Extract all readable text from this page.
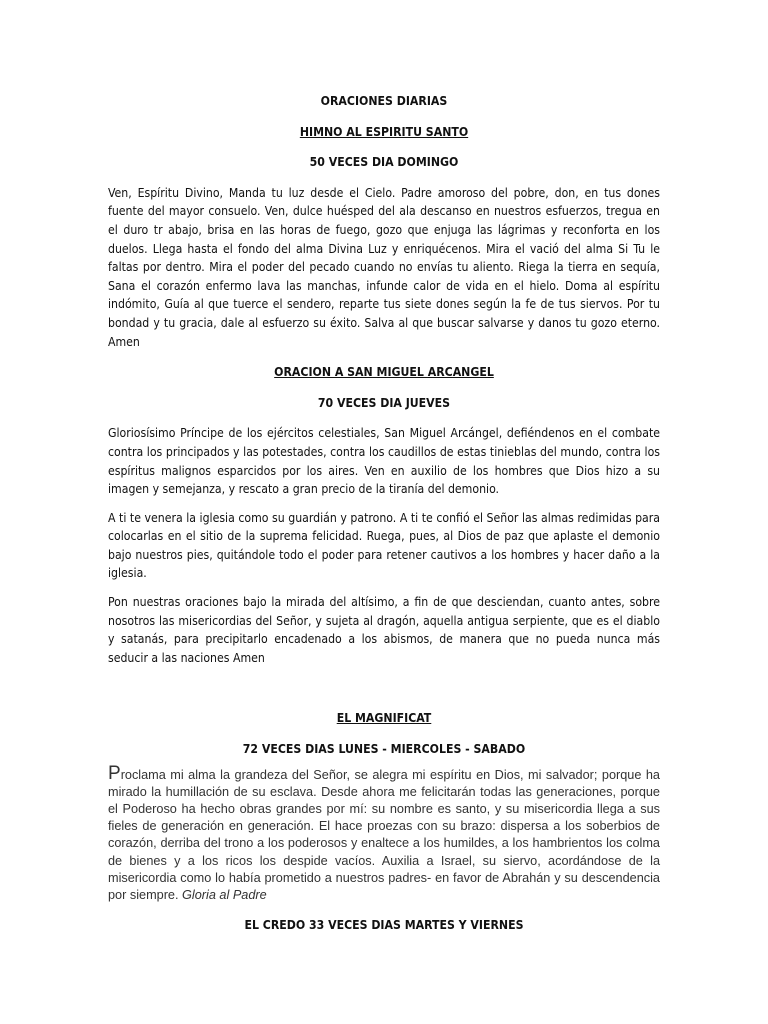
ORACIONES DIARIAS

HIMNO AL ESPIRITU SANTO

50 VECES DIA DOMINGO

Ven, Espíritu Divino, Manda tu luz desde el Cielo. Padre amoroso del pobre, don, en tus dones fuente del mayor consuelo. Ven, dulce huésped del ala descanso en nuestros esfuerzos, tregua en el duro tr abajo, brisa en las horas de fuego, gozo que enjuga las lágrimas y reconforta en los duelos. Llega hasta el fondo del alma Divina Luz y enriquécenos. Mira el vació del alma Si Tu le faltas por dentro. Mira el poder del pecado cuando no envías tu aliento. Riega la tierra en sequía, Sana el corazón enfermo lava las manchas, infunde calor de vida en el hielo. Doma al espíritu indómito, Guía al que tuerce el sendero, reparte tus siete dones según la fe de tus siervos. Por tu bondad y tu gracia, dale al esfuerzo su éxito. Salva al que buscar salvarse y danos tu gozo eterno. Amen

ORACION A SAN MIGUEL ARCANGEL

70 VECES DIA JUEVES

Gloriosísimo Príncipe de los ejércitos celestiales, San Miguel Arcángel, defiéndenos en el combate contra los principados y las potestades, contra los caudillos de estas tinieblas del mundo, contra los espíritus malignos esparcidos por los aires. Ven en auxilio de los hombres que Dios hizo a su imagen y semejanza, y rescato a gran precio de la tiranía del demonio.

A ti te venera la iglesia como su guardián y patrono. A ti te confió el Señor las almas redimidas para colocarlas en el sitio de la suprema felicidad. Ruega, pues, al Dios de paz que aplaste el demonio bajo nuestros pies, quitándole todo el poder para retener cautivos a los hombres y hacer daño a la iglesia.

Pon nuestras oraciones bajo la mirada del altísimo, a fin de que desciendan, cuanto antes, sobre nosotros las misericordias del Señor, y sujeta al dragón, aquella antigua serpiente, que es el diablo y satanás, para precipitarlo encadenado a los abismos, de manera que no pueda nunca más seducir a las naciones Amen

EL MAGNIFICAT

72 VECES DIAS LUNES - MIERCOLES - SABADO

Proclama mi alma la grandeza del Señor, se alegra mi espíritu en Dios, mi salvador; porque ha mirado la humillación de su esclava. Desde ahora me felicitarán todas las generaciones, porque el Poderoso ha hecho obras grandes por mí: su nombre es santo, y su misericordia llega a sus fieles de generación en generación. El hace proezas con su brazo: dispersa a los soberbios de corazón, derriba del trono a los poderosos y enaltece a los humildes, a los hambrientos los colma de bienes y a los ricos los despide vacíos. Auxilia a Israel, su siervo, acordándose de la misericordia como lo había prometido a nuestros padres- en favor de Abrahán y su descendencia por siempre. Gloria al Padre

EL CREDO 33 VECES DIAS MARTES Y VIERNES
